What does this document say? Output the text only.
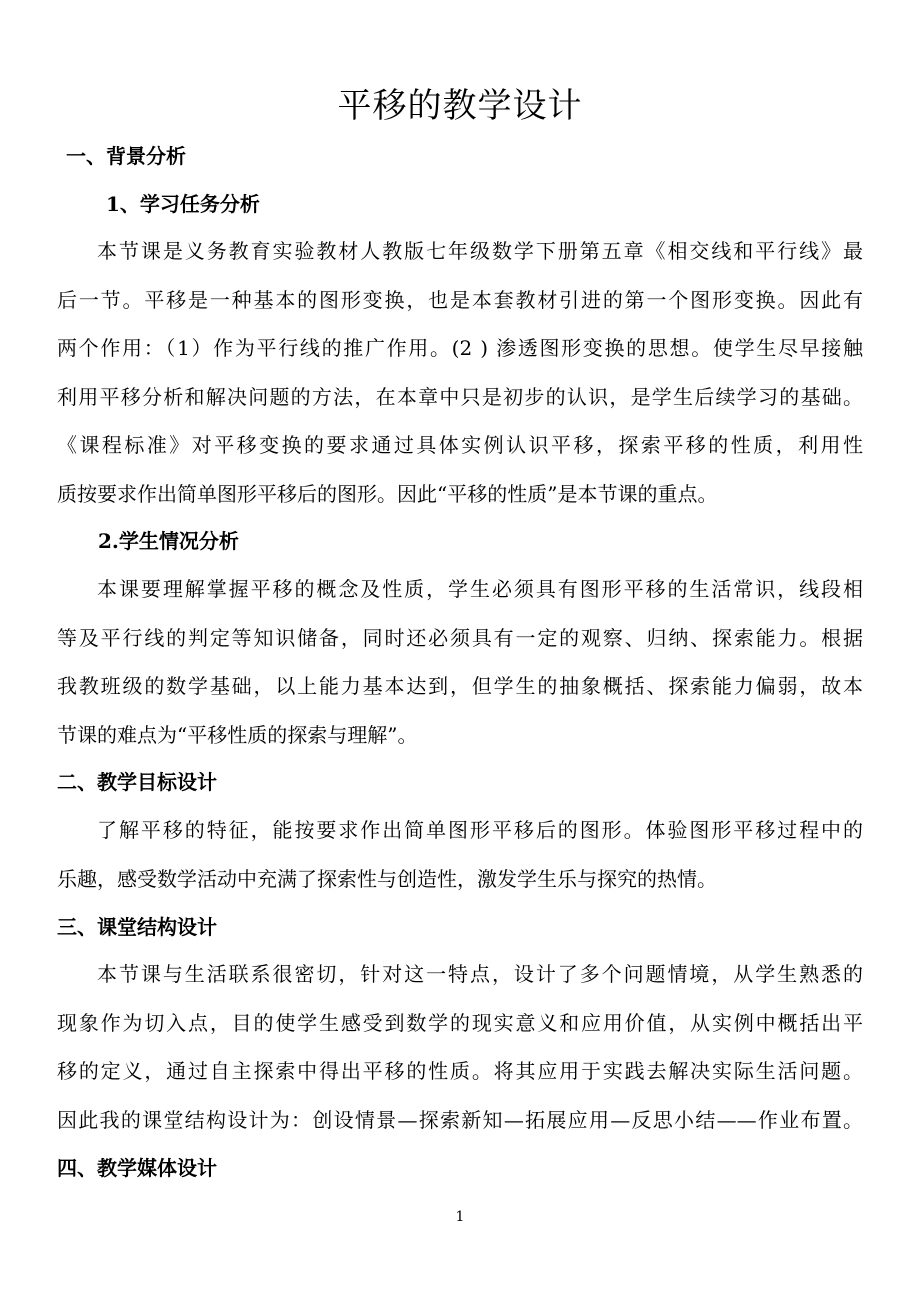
平移的教学设计
一、背景分析
1、学习任务分析

本节课是义务教育实验教材人教版七年级数学下册第五章《相交线和平行线》最
后一节。平移是一种基本的图形变换，也是本套教材引进的第一个图形变换。因此有
两个作用：（1）作为平行线的推广作用。(2 ) 渗透图形变换的思想。使学生尽早接触
利用平移分析和解决问题的方法，在本章中只是初步的认识，是学生后续学习的基础。

《课程标准》对平移变换的要求通过具体实例认识平移，探索平移的性质，利用性
质按要求作出简单图形平移后的图形。因此“平移的性质”是本节课的重点。

2.学生情况分析

本课要理解掌握平移的概念及性质，学生必须具有图形平移的生活常识，线段相
等及平行线的判定等知识储备，同时还必须具有一定的观察、归纳、探索能力。根据
我教班级的数学基础，以上能力基本达到，但学生的抽象概括、探索能力偏弱，故本
节课的难点为“平移性质的探索与理解”。

二、教学目标设计

了解平移的特征，能按要求作出简单图形平移后的图形。体验图形平移过程中的
乐趣，感受数学活动中充满了探索性与创造性，激发学生乐与探究的热情。

三、课堂结构设计

本节课与生活联系很密切，针对这一特点，设计了多个问题情境，从学生熟悉的
现象作为切入点，目的使学生感受到数学的现实意义和应用价值，从实例中概括出平
移的定义，通过自主探索中得出平移的性质。将其应用于实践去解决实际生活问题。
因此我的课堂结构设计为：创设情景—探索新知—拓展应用—反思小结——作业布置。

四、教学媒体设计
1
